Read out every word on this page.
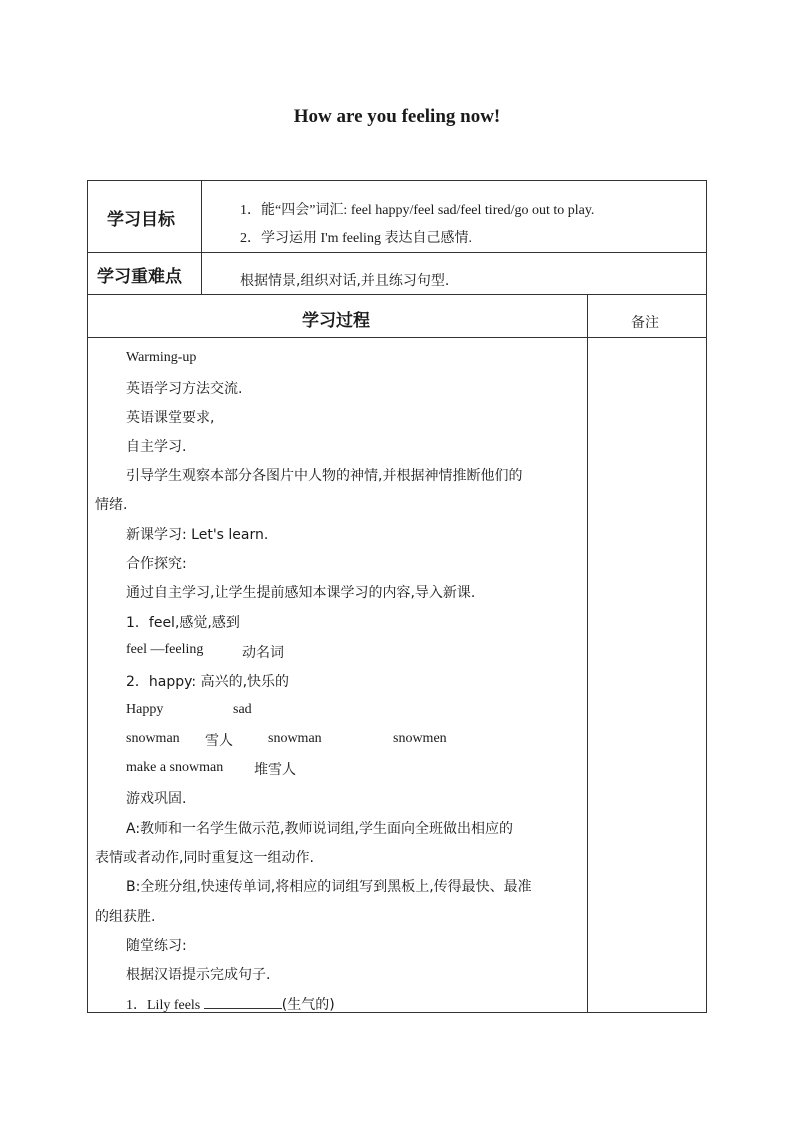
How are you feeling now!
学习目标	1．能“四会”词汇: feel happy/feel sad/feel tired/go out to play.
2．学习运用 I'm feeling 表达自己感情.
学习重难点	根据情景,组织对话,并且练习句型.
学习过程	备注
Warming-up
英语学习方法交流.
英语课堂要求,
自主学习.
引导学生观察本部分各图片中人物的神情,并根据神情推断他们的
情绪.
新课学习: Let's learn.
合作探究:
通过自主学习,让学生提前感知本课学习的内容,导入新课.
1．feel,感觉,感到
feel —feeling	动名词
2．happy: 高兴的,快乐的
Happy	sad
snowman 雪人	snowman	snowmen
make a snowman 堆雪人
游戏巩固.
A:教师和一名学生做示范,教师说词组,学生面向全班做出相应的
表情或者动作,同时重复这一组动作.
B:全班分组,快速传单词,将相应的词组写到黑板上,传得最快、最准
的组获胜.
随堂练习:
根据汉语提示完成句子.
1．Lily feels	(生气的)
